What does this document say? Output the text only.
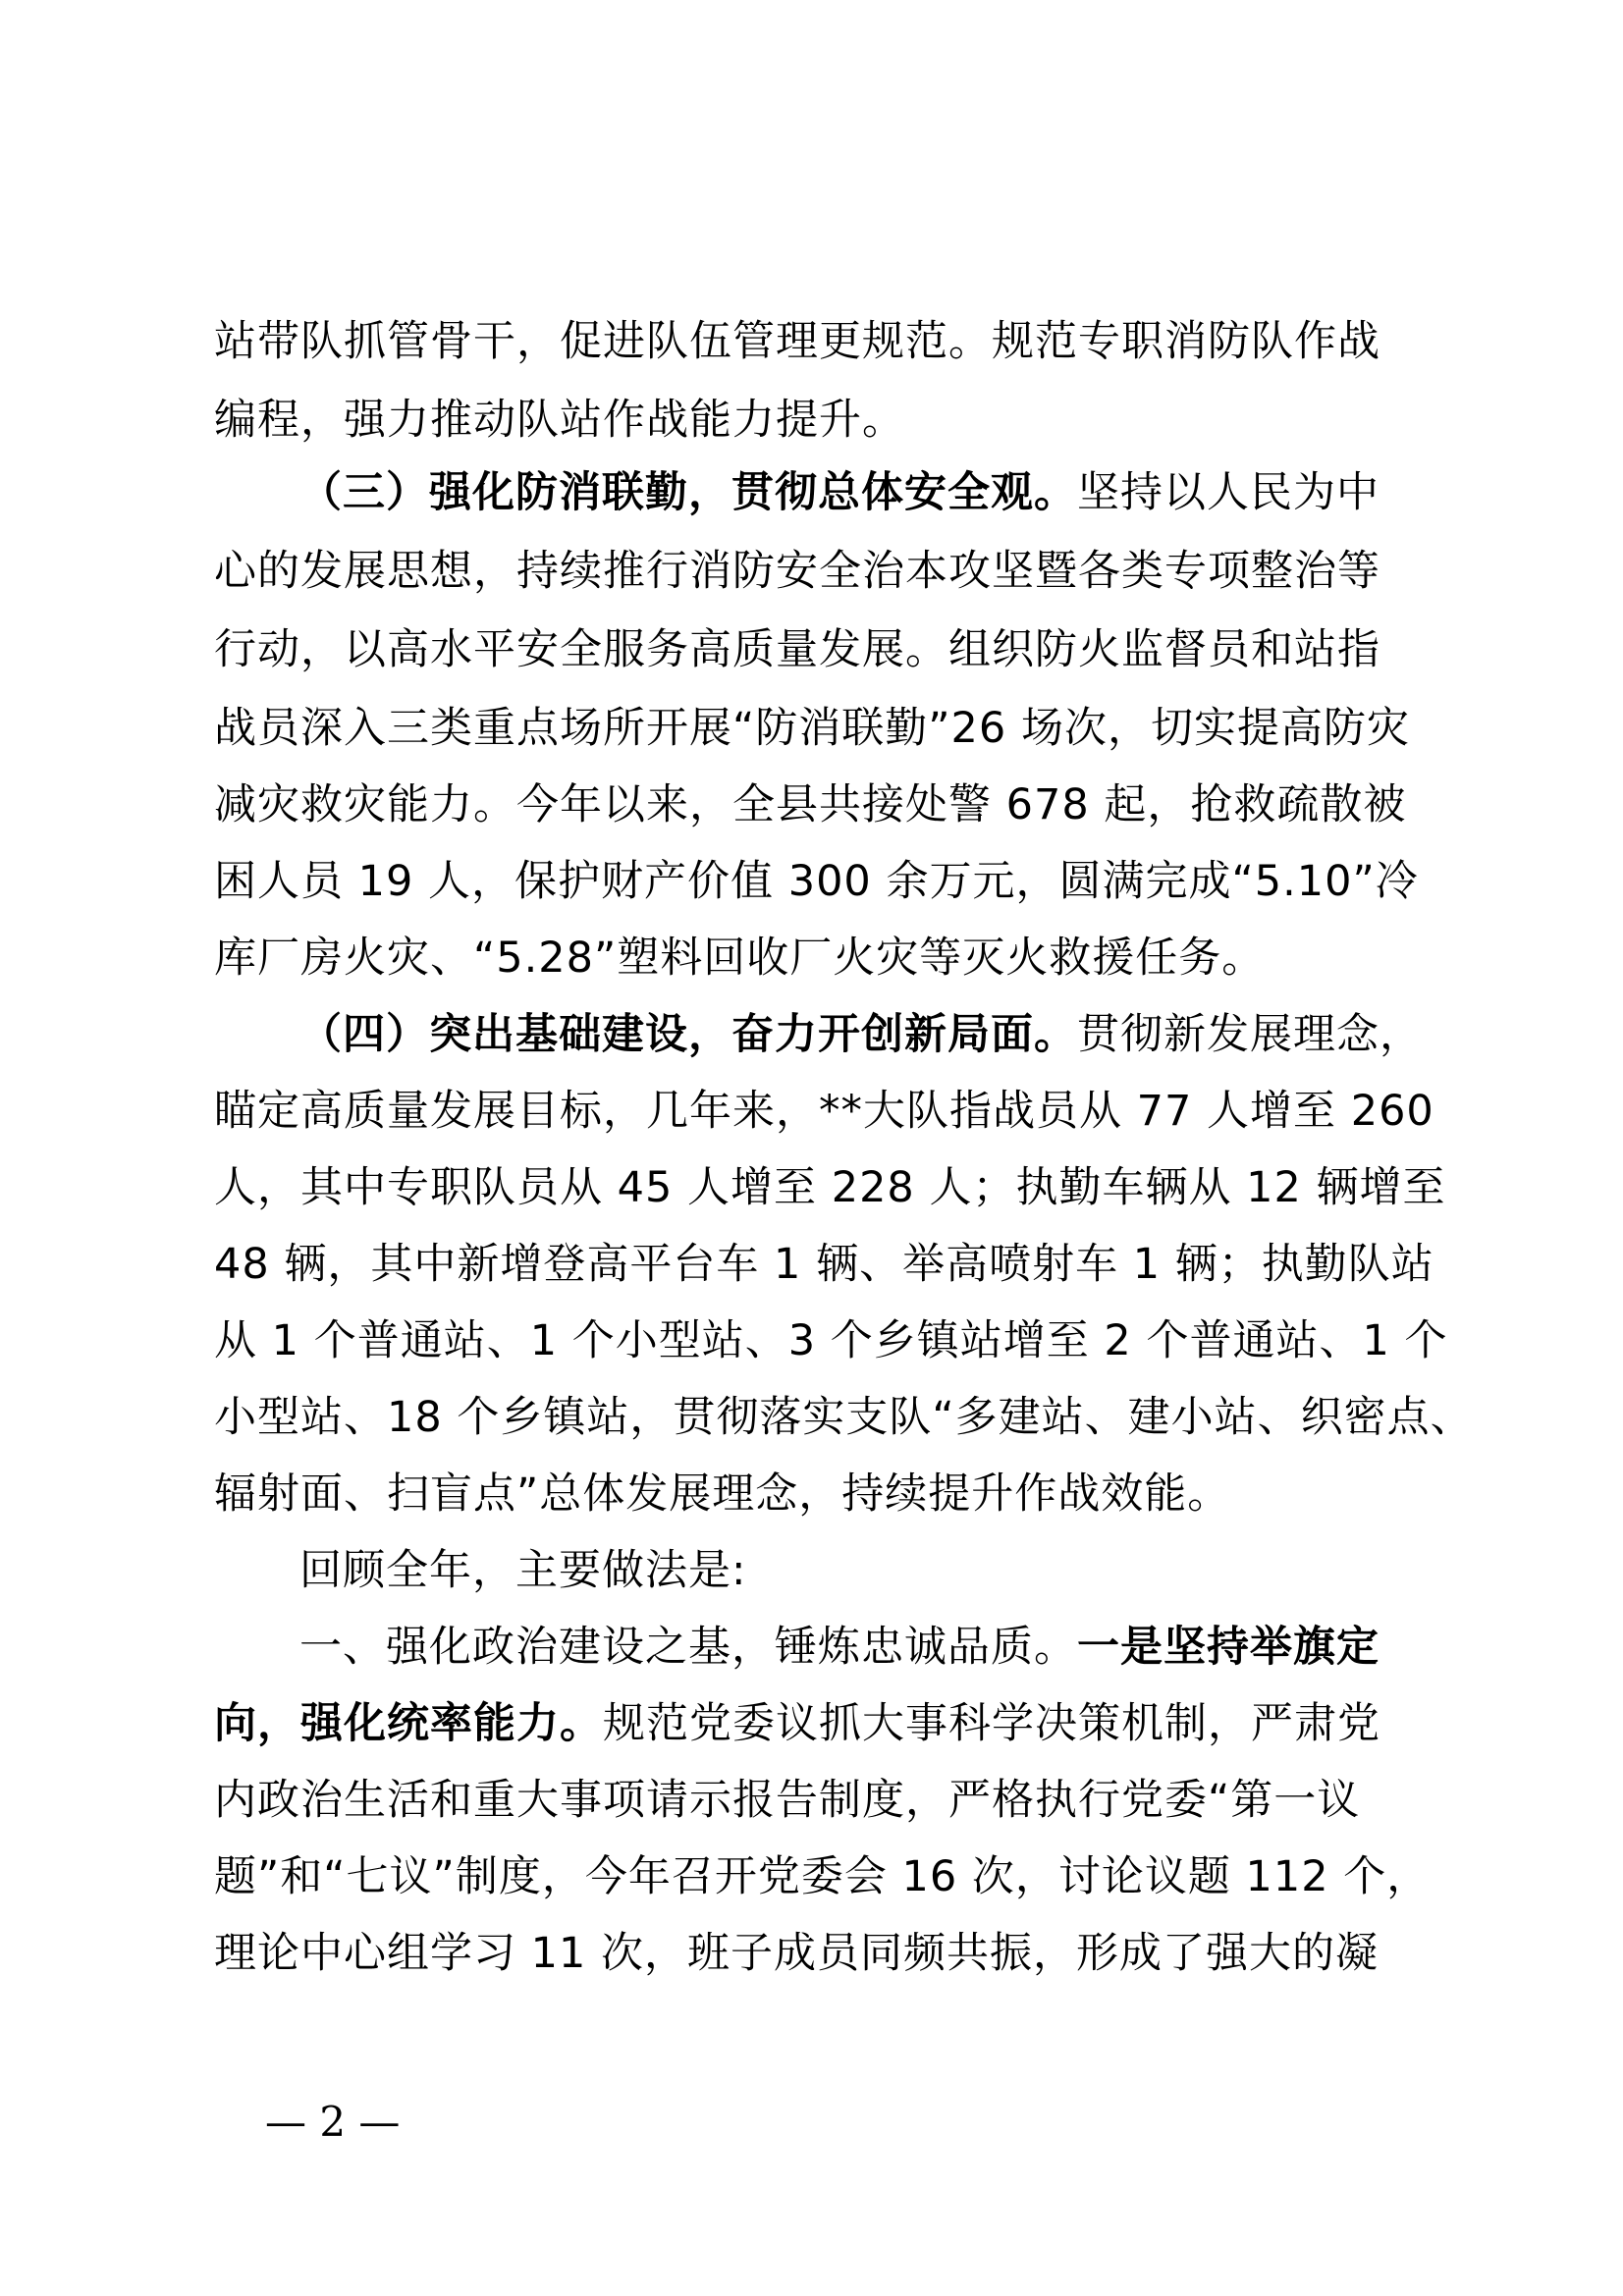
站带队抓管骨干，促进队伍管理更规范。规范专职消防队作战
编程，强力推动队站作战能力提升。
（三）强化防消联勤，贯彻总体安全观。坚持以人民为中
心的发展思想，持续推行消防安全治本攻坚暨各类专项整治等
行动，以高水平安全服务高质量发展。组织防火监督员和站指
战员深入三类重点场所开展“防消联勤”26 场次，切实提高防灾
减灾救灾能力。今年以来，全县共接处警 678 起，抢救疏散被
困人员 19 人，保护财产价值 300 余万元，圆满完成“5.10”冷
库厂房火灾、“5.28”塑料回收厂火灾等灭火救援任务。
（四）突出基础建设，奋力开创新局面。贯彻新发展理念，
瞄定高质量发展目标，几年来，**大队指战员从 77 人增至 260
人，其中专职队员从 45 人增至 228 人；执勤车辆从 12 辆增至
48 辆，其中新增登高平台车 1 辆、举高喷射车 1 辆；执勤队站
从 1 个普通站、1 个小型站、3 个乡镇站增至 2 个普通站、1 个
小型站、18 个乡镇站，贯彻落实支队“多建站、建小站、织密点、
辐射面、扫盲点”总体发展理念，持续提升作战效能。
回顾全年，主要做法是:
一、强化政治建设之基，锤炼忠诚品质。一是坚持举旗定
向，强化统率能力。规范党委议抓大事科学决策机制，严肃党
内政治生活和重大事项请示报告制度，严格执行党委“第一议
题”和“七议”制度，今年召开党委会 16 次，讨论议题 112 个，
理论中心组学习 11 次，班子成员同频共振，形成了强大的凝
— 2 —
